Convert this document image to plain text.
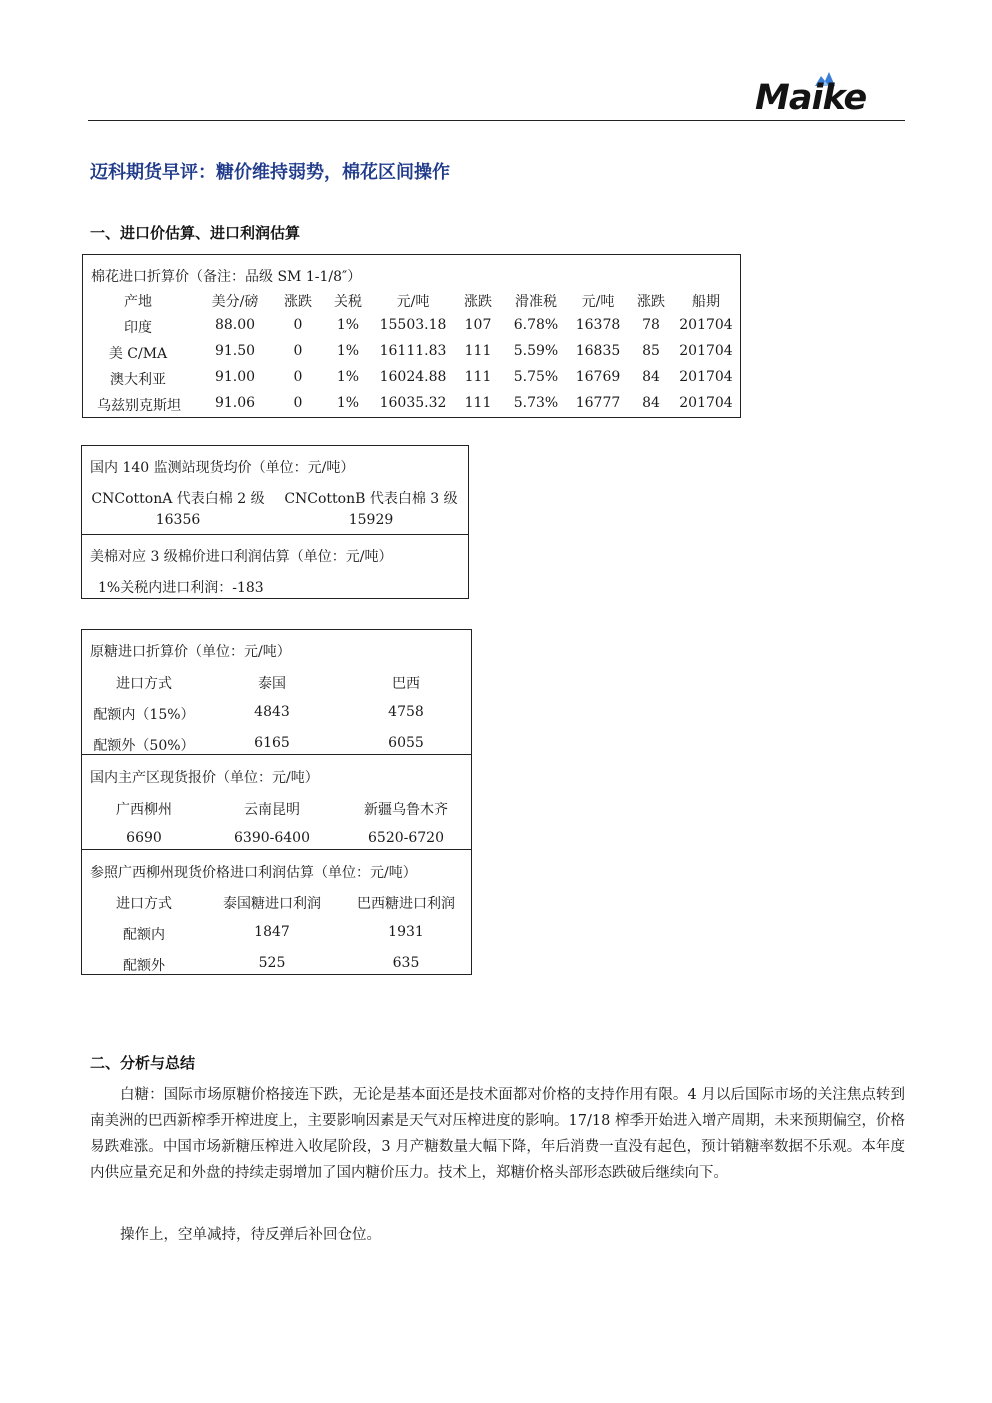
Maike
迈科期货早评：糖价维持弱势，棉花区间操作
一、进口价估算、进口利润估算
棉花进口折算价（备注：品级 SM 1-1/8″）
产地	美分/磅	涨跌	关税	元/吨	涨跌	滑准税	元/吨	涨跌	船期
印度	88.00	0	1%	15503.18	107	6.78%	16378	78	201704
美 C/MA	91.50	0	1%	16111.83	111	5.59%	16835	85	201704
澳大利亚	91.00	0	1%	16024.88	111	5.75%	16769	84	201704
乌兹别克斯坦	91.06	0	1%	16035.32	111	5.73%	16777	84	201704
国内 140 监测站现货均价（单位：元/吨）
CNCottonA 代表白棉 2 级	CNCottonB 代表白棉 3 级
16356	15929
美棉对应 3 级棉价进口利润估算（单位：元/吨）
1%关税内进口利润：-183
原糖进口折算价（单位：元/吨）
进口方式	泰国	巴西
配额内（15%）	4843	4758
配额外（50%）	6165	6055
国内主产区现货报价（单位：元/吨）
广西柳州	云南昆明	新疆乌鲁木齐
6690	6390-6400	6520-6720
参照广西柳州现货价格进口利润估算（单位：元/吨）
进口方式	泰国糖进口利润	巴西糖进口利润
配额内	1847	1931
配额外	525	635
二、分析与总结
白糖：国际市场原糖价格接连下跌，无论是基本面还是技术面都对价格的支持作用有限。4 月以后国际市场的关注焦点转到南美洲的巴西新榨季开榨进度上，主要影响因素是天气对压榨进度的影响。17/18 榨季开始进入增产周期，未来预期偏空，价格易跌难涨。中国市场新糖压榨进入收尾阶段，3 月产糖数量大幅下降，年后消费一直没有起色，预计销糖率数据不乐观。本年度内供应量充足和外盘的持续走弱增加了国内糖价压力。技术上，郑糖价格头部形态跌破后继续向下。
操作上，空单减持，待反弹后补回仓位。
